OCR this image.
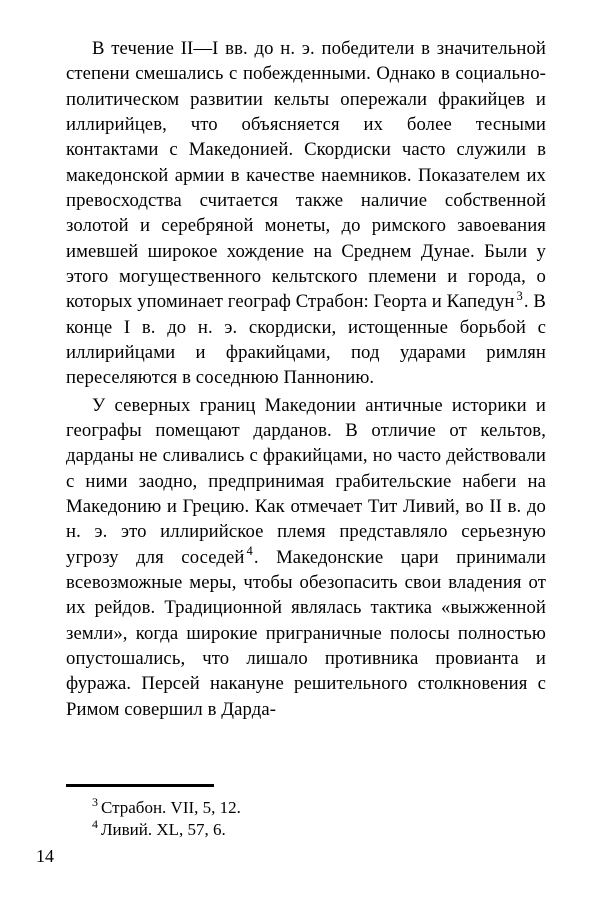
В течение II—I вв. до н. э. победители в значительной степени смешались с побежденными. Однако в социально-политическом развитии кельты опережали фракийцев и иллирийцев, что объясняется их более тесными контактами с Македонией. Скордиски часто служили в македонской армии в качестве наемников. Показателем их превосходства считается также наличие собственной золотой и серебряной монеты, до римского завоевания имевшей широкое хождение на Среднем Дунае. Были у этого могущественного кельтского племени и города, о которых упоминает географ Страбон: Георта и Капедун $^3$. В конце I в. до н. э. скордиски, истощенные борьбой с иллирийцами и фракийцами, под ударами римлян переселяются в соседнюю Паннонию.

У северных границ Македонии античные историки и географы помещают дарданов. В отличие от кельтов, дарданы не сливались с фракийцами, но часто действовали с ними заодно, предпринимая грабительские набеги на Македонию и Грецию. Как отмечает Тит Ливий, во II в. до н. э. это иллирийское племя представляло серьезную угрозу для соседей $^4$. Македонские цари принимали всевозможные меры, чтобы обезопасить свои владения от их рейдов. Традиционной являлась тактика «выжженной земли», когда широкие приграничные полосы полностью опустошались, что лишало противника провианта и фуража. Персей накануне решительного столкновения с Римом совершил в Дарда-

$^3$ Страбон. VII, 5, 12.

$^4$ Ливий. XL, 57, 6.

14
